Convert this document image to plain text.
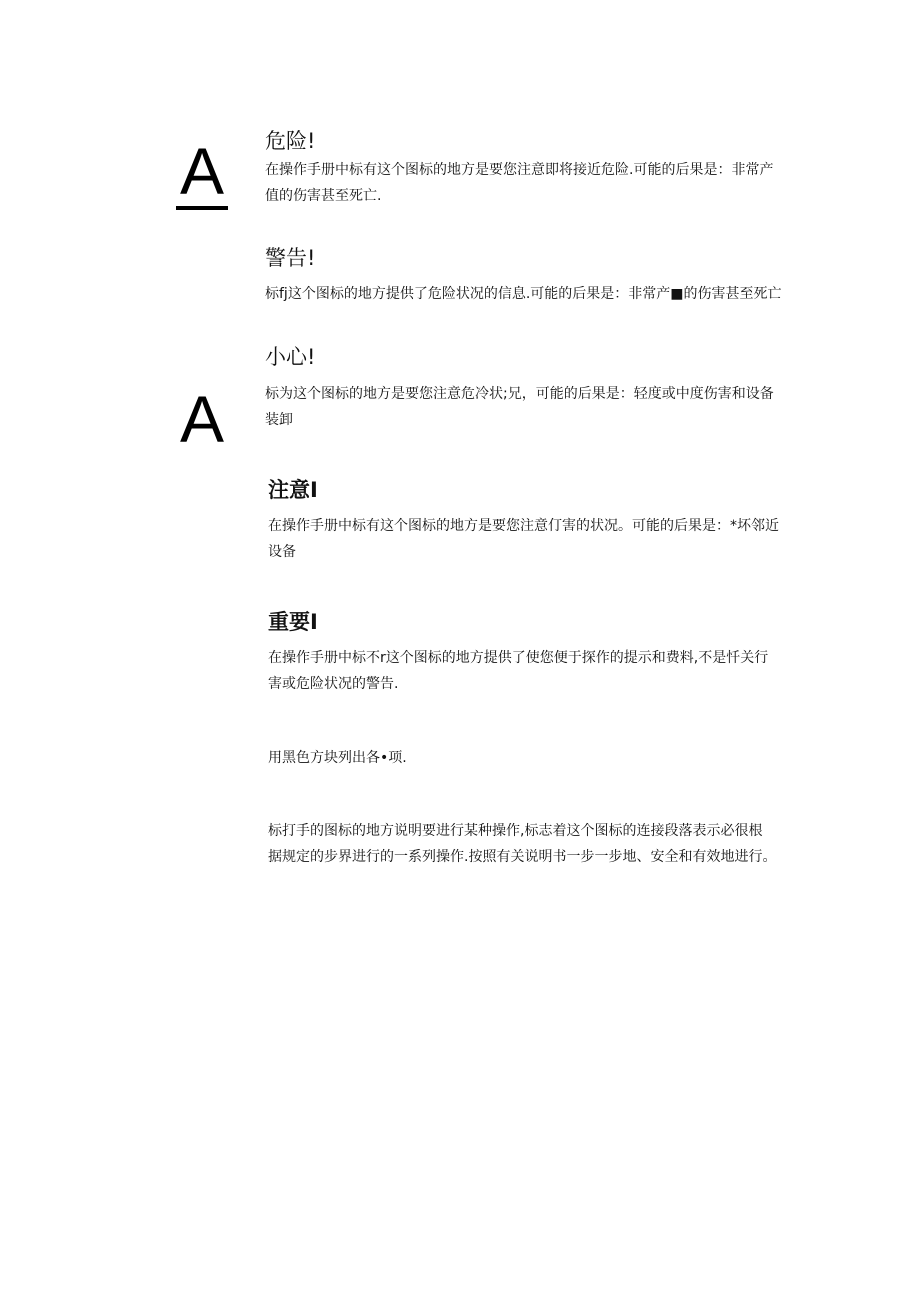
A 危险!
在操作手册中标有这个图标的地方是要您注意即将接近危险.可能的后果是：非常产
值的伤害甚至死亡.
警告!
标fj这个图标的地方提供了危险状况的信息.可能的后果是：非常产■的伤害甚至死亡
A
小心!
标为这个图标的地方是要您注意危冷状;兄，可能的后果是：轻度或中度伤害和设备
装卸
注意I
在操作手册中标有这个图标的地方是要您注意仃害的状况。可能的后果是：*坏邻近
设备
重要I
在操作手册中标不r这个图标的地方提供了使您便于探作的提示和费料,不是忏关行
害或危险状况的警告.
用黑色方块列出各•项.
标打手的图标的地方说明要进行某种操作,标志着这个图标的连接段落表示必很根
据规定的步界进行的一系列操作.按照有关说明书一步一步地、安全和有效地进行。
